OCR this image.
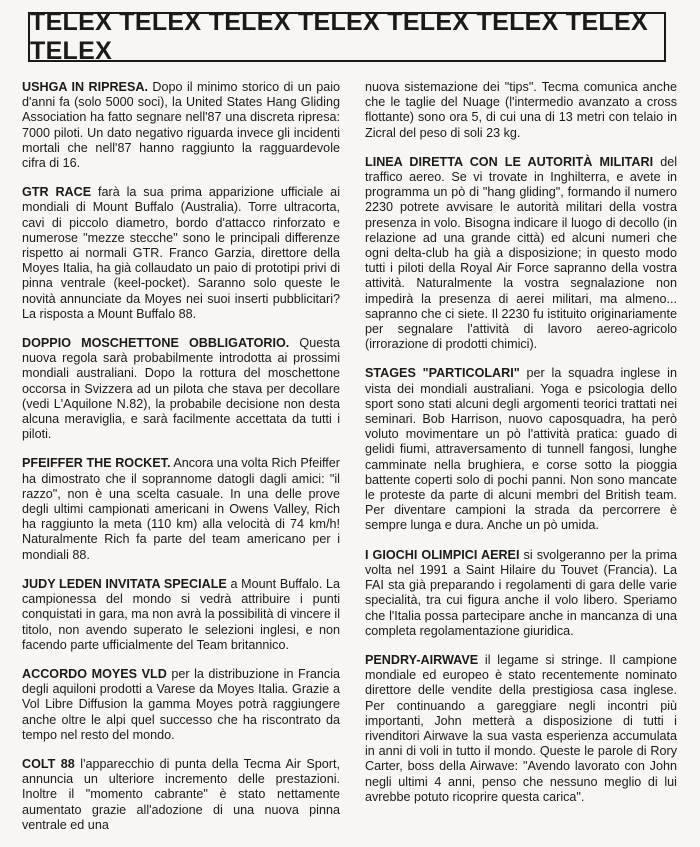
TELEX TELEX TELEX TELEX TELEX TELEX TELEX TELEX

USHGA IN RIPRESA. Dopo il minimo storico di un paio d'anni fa (solo 5000 soci), la United States Hang Gliding Association ha fatto segnare nell'87 una discreta ripresa: 7000 piloti. Un dato negativo riguarda invece gli incidenti mortali che nell'87 hanno raggiunto la ragguardevole cifra di 16.

GTR RACE farà la sua prima apparizione ufficiale ai mondiali di Mount Buffalo (Australia). Torre ultracorta, cavi di piccolo diametro, bordo d'attacco rinforzato e numerose "mezze stecche" sono le principali differenze rispetto ai normali GTR. Franco Garzia, direttore della Moyes Italia, ha già collaudato un paio di prototipi privi di pinna ventrale (keel-pocket). Saranno solo queste le novità annunciate da Moyes nei suoi inserti pubblicitari? La risposta a Mount Buffalo 88.

DOPPIO MOSCHETTONE OBBLIGATORIO. Questa nuova regola sarà probabilmente introdotta ai prossimi mondiali australiani. Dopo la rottura del moschettone occorsa in Svizzera ad un pilota che stava per decollare (vedi L'Aquilone N.82), la probabile decisione non desta alcuna meraviglia, e sarà facilmente accettata da tutti i piloti.

PFEIFFER THE ROCKET. Ancora una volta Rich Pfeiffer ha dimostrato che il soprannome datogli dagli amici: "il razzo", non è una scelta casuale. In una delle prove degli ultimi campionati americani in Owens Valley, Rich ha raggiunto la meta (110 km) alla velocità di 74 km/h! Naturalmente Rich fa parte del team americano per i mondiali 88.

JUDY LEDEN INVITATA SPECIALE a Mount Buffalo. La campionessa del mondo si vedrà attribuire i punti conquistati in gara, ma non avrà la possibilità di vincere il titolo, non avendo superato le selezioni inglesi, e non facendo parte ufficialmente del Team britannico.

ACCORDO MOYES VLD per la distribuzione in Francia degli aquiloni prodotti a Varese da Moyes Italia. Grazie a Vol Libre Diffusion la gamma Moyes potrà raggiungere anche oltre le alpi quel successo che ha riscontrato da tempo nel resto del mondo.

COLT 88 l'apparecchio di punta della Tecma Air Sport, annuncia un ulteriore incremento delle prestazioni. Inoltre il "momento cabrante" è stato nettamente aumentato grazie all'adozione di una nuova pinna ventrale ed una

nuova sistemazione dei "tips". Tecma comunica anche che le taglie del Nuage (l'intermedio avanzato a cross flottante) sono ora 5, di cui una di 13 metri con telaio in Zicral del peso di soli 23 kg.

LINEA DIRETTA CON LE AUTORITÀ MILITARI del traffico aereo. Se vi trovate in Inghilterra, e avete in programma un pò di "hang gliding", formando il numero 2230 potrete avvisare le autorità militari della vostra presenza in volo. Bisogna indicare il luogo di decollo (in relazione ad una grande città) ed alcuni numeri che ogni delta-club ha già a disposizione; in questo modo tutti i piloti della Royal Air Force sapranno della vostra attività. Naturalmente la vostra segnalazione non impedirà la presenza di aerei militari, ma almeno... sapranno che ci siete. Il 2230 fu istituito originariamente per segnalare l'attività di lavoro aereo-agricolo (irrorazione di prodotti chimici).

STAGES "PARTICOLARI" per la squadra inglese in vista dei mondiali australiani. Yoga e psicologia dello sport sono stati alcuni degli argomenti teorici trattati nei seminari. Bob Harrison, nuovo caposquadra, ha però voluto movimentare un pò l'attività pratica: guado di gelidi fiumi, attraversamento di tunnell fangosi, lunghe camminate nella brughiera, e corse sotto la pioggia battente coperti solo di pochi panni. Non sono mancate le proteste da parte di alcuni membri del British team. Per diventare campioni la strada da percorrere è sempre lunga e dura. Anche un pò umida.

I GIOCHI OLIMPICI AEREI si svolgeranno per la prima volta nel 1991 a Saint Hilaire du Touvet (Francia). La FAI sta già preparando i regolamenti di gara delle varie specialità, tra cui figura anche il volo libero. Speriamo che l'Italia possa partecipare anche in mancanza di una completa regolamentazione giuridica.

PENDRY-AIRWAVE il legame si stringe. Il campione mondiale ed europeo è stato recentemente nominato direttore delle vendite della prestigiosa casa inglese. Per continuando a gareggiare negli incontri più importanti, John metterà a disposizione di tutti i rivenditori Airwave la sua vasta esperienza accumulata in anni di voli in tutto il mondo. Queste le parole di Rory Carter, boss della Airwave: "Avendo lavorato con John negli ultimi 4 anni, penso che nessuno meglio di lui avrebbe potuto ricoprire questa carica".
